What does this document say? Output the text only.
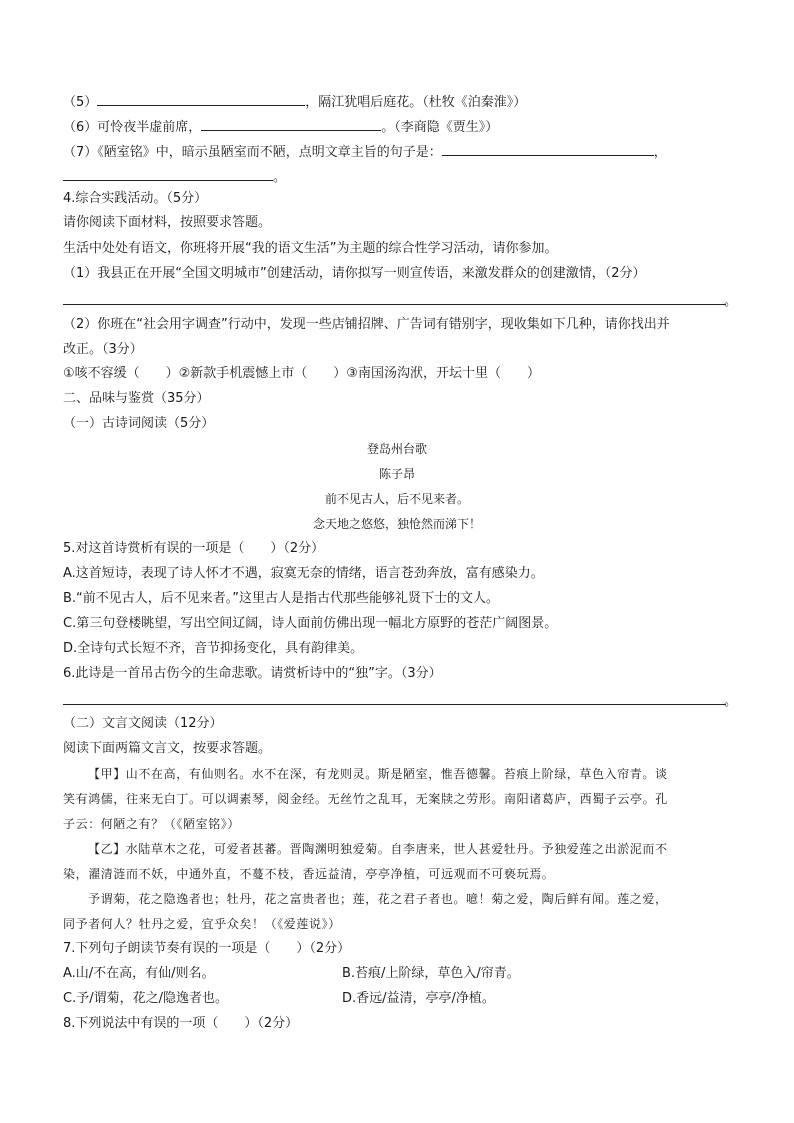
（5）	，隔江犹唱后庭花。（杜牧《泊秦淮》）
（6）可怜夜半虚前席，	。（李商隐《贾生》）
（7）《陋室铭》中，暗示虽陋室而不陋，点明文章主旨的句子是：	，
。
4.综合实践活动。（5分）
请你阅读下面材料，按照要求答题。
生活中处处有语文，你班将开展“我的语文生活”为主题的综合性学习活动，请你参加。
（1）我县正在开展“全国文明城市”创建活动，请你拟写一则宣传语，来激发群众的创建激情，（2分）
。
（2）你班在“社会用字调查”行动中，发现一些店铺招牌、广告词有错别字，现收集如下几种，请你找出并
改正。（3分）
①咳不容缓（　　）②新款手机震憾上市（　　）③南国汤沟洑，开坛十里（　　）
二、品味与鉴赏（35分）
（一）古诗词阅读（5分）
登岛州台歌
陈子昂
前不见古人，后不见来者。
念天地之悠悠，独怆然而涕下！
5.对这首诗赏析有误的一项是（　　）（2分）
A.这首短诗，表现了诗人怀才不遇，寂寞无奈的情绪，语言苍劲奔放，富有感染力。
B.“前不见古人，后不见来者。”这里古人是指古代那些能够礼贤下士的文人。
C.第三句登楼眺望，写出空间辽阔，诗人面前仿佛出现一幅北方原野的苍茫广阔图景。
D.全诗句式长短不齐，音节抑扬变化，具有韵律美。
6.此诗是一首吊古伤今的生命悲歌。请赏析诗中的“独”字。（3分）
。
（二）文言文阅读（12分）
阅读下面两篇文言文，按要求答题。
【甲】山不在高，有仙则名。水不在深，有龙则灵。斯是陋室，惟吾德馨。苔痕上阶绿，草色入帘青。谈
笑有鸿儒，往来无白丁。可以调素琴，阅金经。无丝竹之乱耳，无案牍之劳形。南阳诸葛庐，西蜀子云亭。孔
子云：何陋之有？（《陋室铭》）
【乙】水陆草木之花，可爱者甚蕃。晋陶渊明独爱菊。自李唐来，世人甚爱牡丹。予独爱莲之出淤泥而不
染，濯清涟而不妖，中通外直，不蔓不枝，香远益清，亭亭净植，可远观而不可亵玩焉。
予谓菊，花之隐逸者也；牡丹，花之富贵者也；莲，花之君子者也。噫！菊之爱，陶后鲜有闻。莲之爱，
同予者何人？牡丹之爱，宜乎众矣！（《爱莲说》）
7.下列句子朗读节奏有误的一项是（　　）（2分）
A.山/不在高，有仙/则名。	B.苔痕/上阶绿，草色入/帘青。
C.予/谓菊，花之/隐逸者也。	D.香远/益清，亭亭/净植。
8.下列说法中有误的一项（　　）（2分）
